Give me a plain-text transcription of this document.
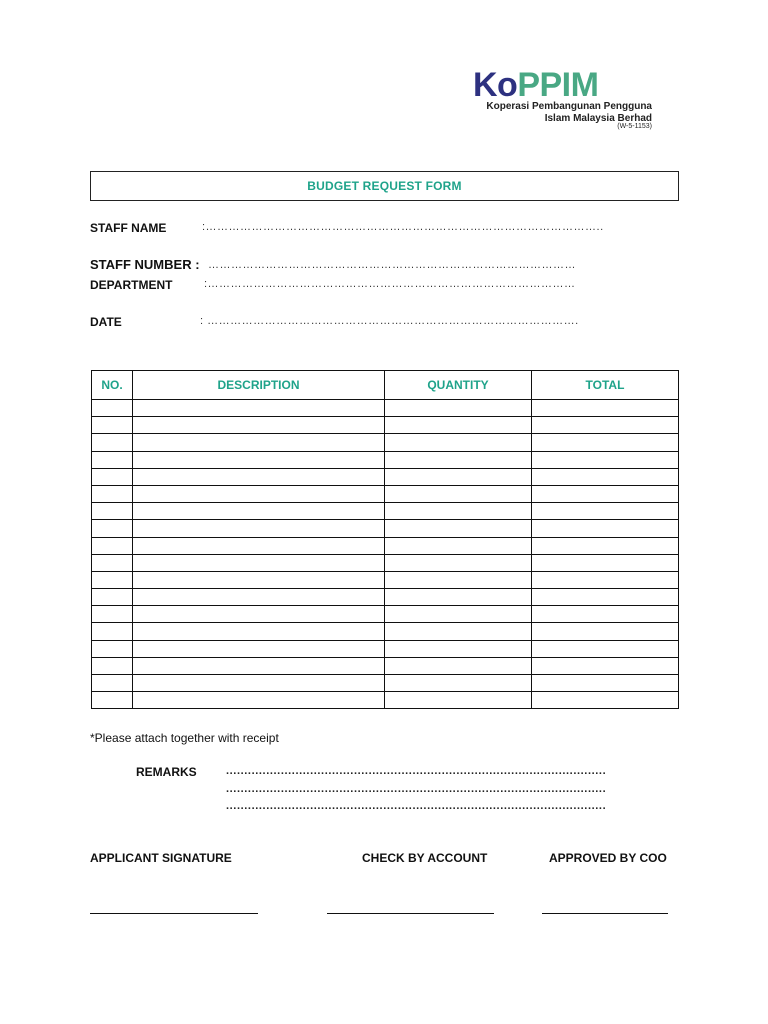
KoPPIM
Koperasi Pembangunan Pengguna
Islam Malaysia Berhad
(W-5-1153)
BUDGET REQUEST FORM
STAFF NAME	:…………………………………………………………………………………………..
STAFF NUMBER : ……………………………………………………………………………………
DEPARTMENT	:……………………………………………………………………………………
DATE	: …………………………………………………………………………………….
NO.	DESCRIPTION	QUANTITY	TOTAL

*Please attach together with receipt
REMARKS	........................................................................................................
........................................................................................................
........................................................................................................
APPLICANT SIGNATURE	CHECK BY ACCOUNT	APPROVED BY COO
